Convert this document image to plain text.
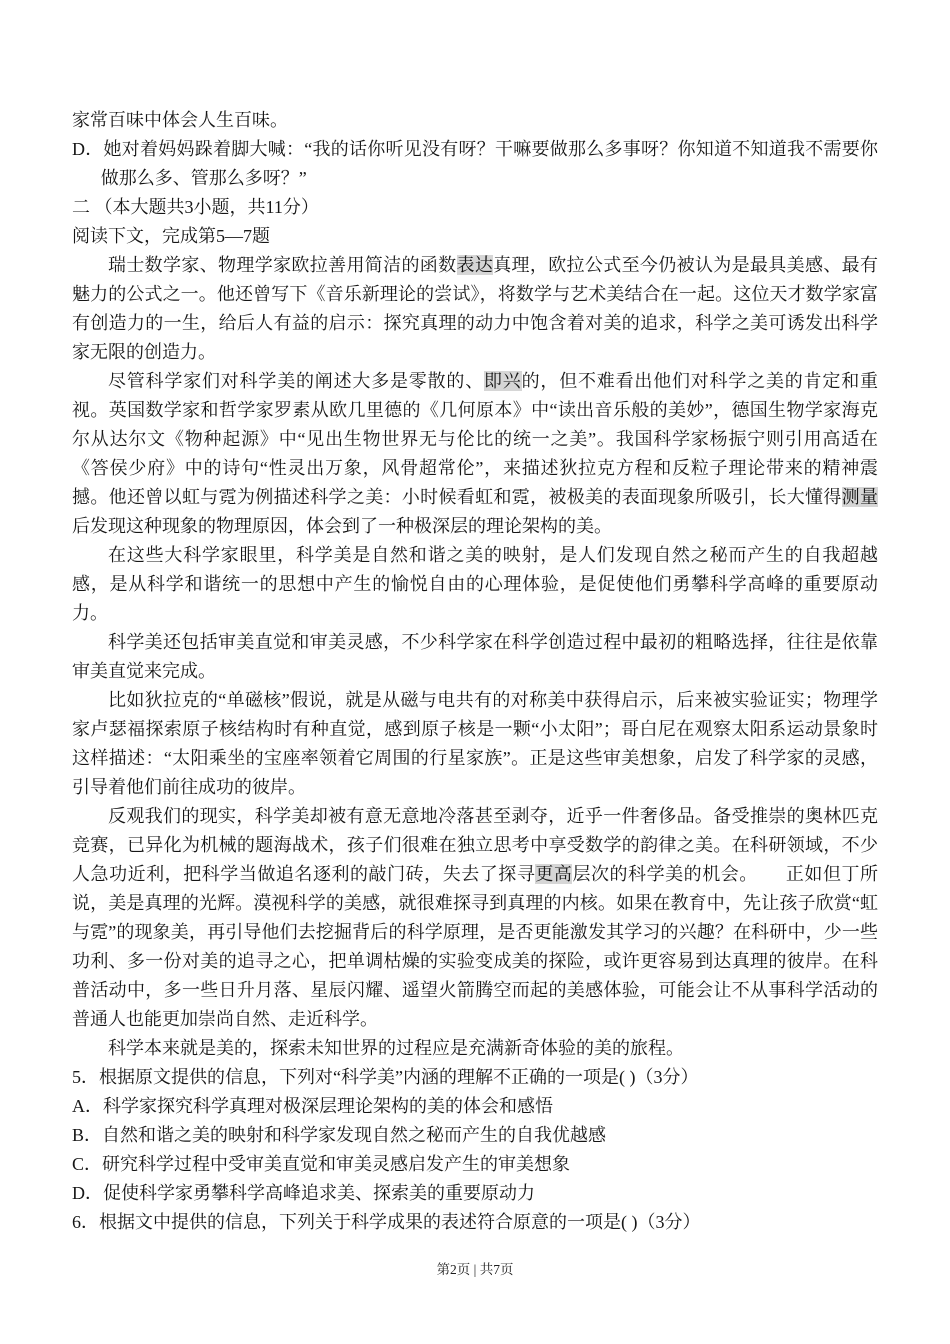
家常百味中体会人生百味。

D．她对着妈妈跺着脚大喊：“我的话你听见没有呀？干嘛要做那么多事呀？你知道不知道我不需要你做那么多、管那么多呀？”

二 （本大题共3小题，共11分）

阅读下文，完成第5—7题

瑞士数学家、物理学家欧拉善用简洁的函数表达真理，欧拉公式至今仍被认为是最具美感、最有魅力的公式之一。他还曾写下《音乐新理论的尝试》，将数学与艺术美结合在一起。这位天才数学家富有创造力的一生，给后人有益的启示：探究真理的动力中饱含着对美的追求，科学之美可诱发出科学家无限的创造力。

尽管科学家们对科学美的阐述大多是零散的、即兴的，但不难看出他们对科学之美的肯定和重视。英国数学家和哲学家罗素从欧几里德的《几何原本》中“读出音乐般的美妙”，德国生物学家海克尔从达尔文《物种起源》中“见出生物世界无与伦比的统一之美”。我国科学家杨振宁则引用高适在《答侯少府》中的诗句“性灵出万象，风骨超常伦”，来描述狄拉克方程和反粒子理论带来的精神震撼。他还曾以虹与霓为例描述科学之美：小时候看虹和霓，被极美的表面现象所吸引，长大懂得测量后发现这种现象的物理原因，体会到了一种极深层的理论架构的美。

在这些大科学家眼里，科学美是自然和谐之美的映射，是人们发现自然之秘而产生的自我超越感，是从科学和谐统一的思想中产生的愉悦自由的心理体验，是促使他们勇攀科学高峰的重要原动力。

科学美还包括审美直觉和审美灵感，不少科学家在科学创造过程中最初的粗略选择，往往是依靠审美直觉来完成。

比如狄拉克的“单磁核”假说，就是从磁与电共有的对称美中获得启示，后来被实验证实；物理学家卢瑟福探索原子核结构时有种直觉，感到原子核是一颗“小太阳”；哥白尼在观察太阳系运动景象时这样描述：“太阳乘坐的宝座率领着它周围的行星家族”。正是这些审美想象，启发了科学家的灵感，引导着他们前往成功的彼岸。

反观我们的现实，科学美却被有意无意地冷落甚至剥夺，近乎一件奢侈品。备受推崇的奥林匹克竞赛，已异化为机械的题海战术，孩子们很难在独立思考中享受数学的韵律之美。在科研领域，不少人急功近利，把科学当做追名逐利的敲门砖，失去了探寻更高层次的科学美的机会。　　正如但丁所说，美是真理的光辉。漠视科学的美感，就很难探寻到真理的内核。如果在教育中，先让孩子欣赏“虹与霓”的现象美，再引导他们去挖掘背后的科学原理，是否更能激发其学习的兴趣？在科研中，少一些功利、多一份对美的追寻之心，把单调枯燥的实验变成美的探险，或许更容易到达真理的彼岸。在科普活动中，多一些日升月落、星辰闪耀、遥望火箭腾空而起的美感体验，可能会让不从事科学活动的普通人也能更加崇尚自然、走近科学。

科学本来就是美的，探索未知世界的过程应是充满新奇体验的美的旅程。

5．根据原文提供的信息，下列对“科学美”内涵的理解不正确的一项是( )（3分）

A．科学家探究科学真理对极深层理论架构的美的体会和感悟

B．自然和谐之美的映射和科学家发现自然之秘而产生的自我优越感

C．研究科学过程中受审美直觉和审美灵感启发产生的审美想象

D．促使科学家勇攀科学高峰追求美、探索美的重要原动力

6．根据文中提供的信息，下列关于科学成果的表述符合原意的一项是( )（3分）

第2页 | 共7页
